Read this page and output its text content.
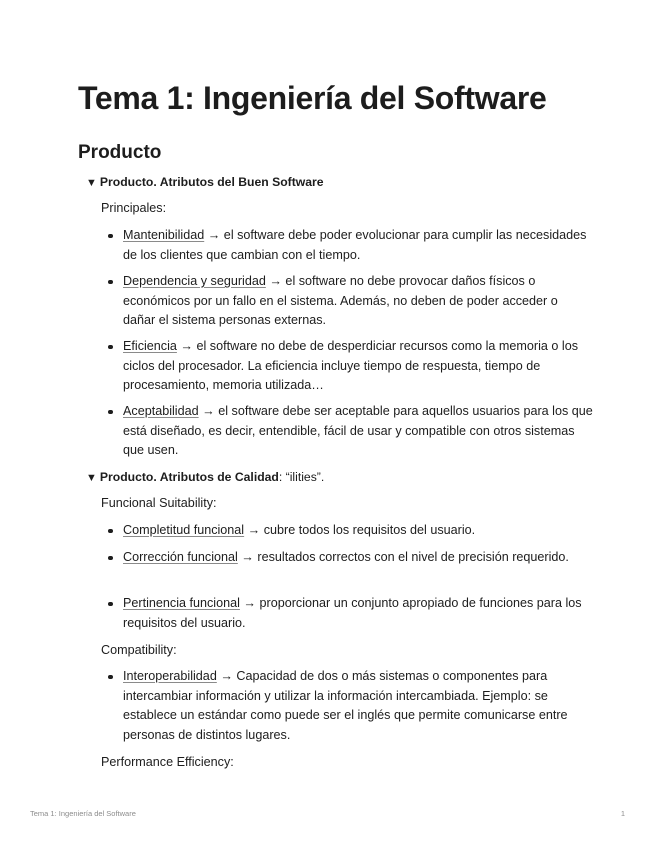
Tema 1: Ingeniería del Software
Producto
▼ Producto. Atributos del Buen Software
Principales:
Mantenibilidad → el software debe poder evolucionar para cumplir las necesidades de los clientes que cambian con el tiempo.
Dependencia y seguridad → el software no debe provocar daños físicos o económicos por un fallo en el sistema. Además, no deben de poder acceder o dañar el sistema personas externas.
Eficiencia → el software no debe de desperdiciar recursos como la memoria o los ciclos del procesador. La eficiencia incluye tiempo de respuesta, tiempo de procesamiento, memoria utilizada…
Aceptabilidad → el software debe ser aceptable para aquellos usuarios para los que está diseñado, es decir, entendible, fácil de usar y compatible con otros sistemas que usen.
▼ Producto. Atributos de Calidad: “ilities”.
Funcional Suitability:
Completitud funcional → cubre todos los requisitos del usuario.
Corrección funcional → resultados correctos con el nivel de precisión requerido.
Pertinencia funcional → proporcionar un conjunto apropiado de funciones para los requisitos del usuario.
Compatibility:
Interoperabilidad → Capacidad de dos o más sistemas o componentes para intercambiar información y utilizar la información intercambiada. Ejemplo: se establece un estándar como puede ser el inglés que permite comunicarse entre personas de distintos lugares.
Performance Efficiency:
Tema 1: Ingeniería del Software	1
